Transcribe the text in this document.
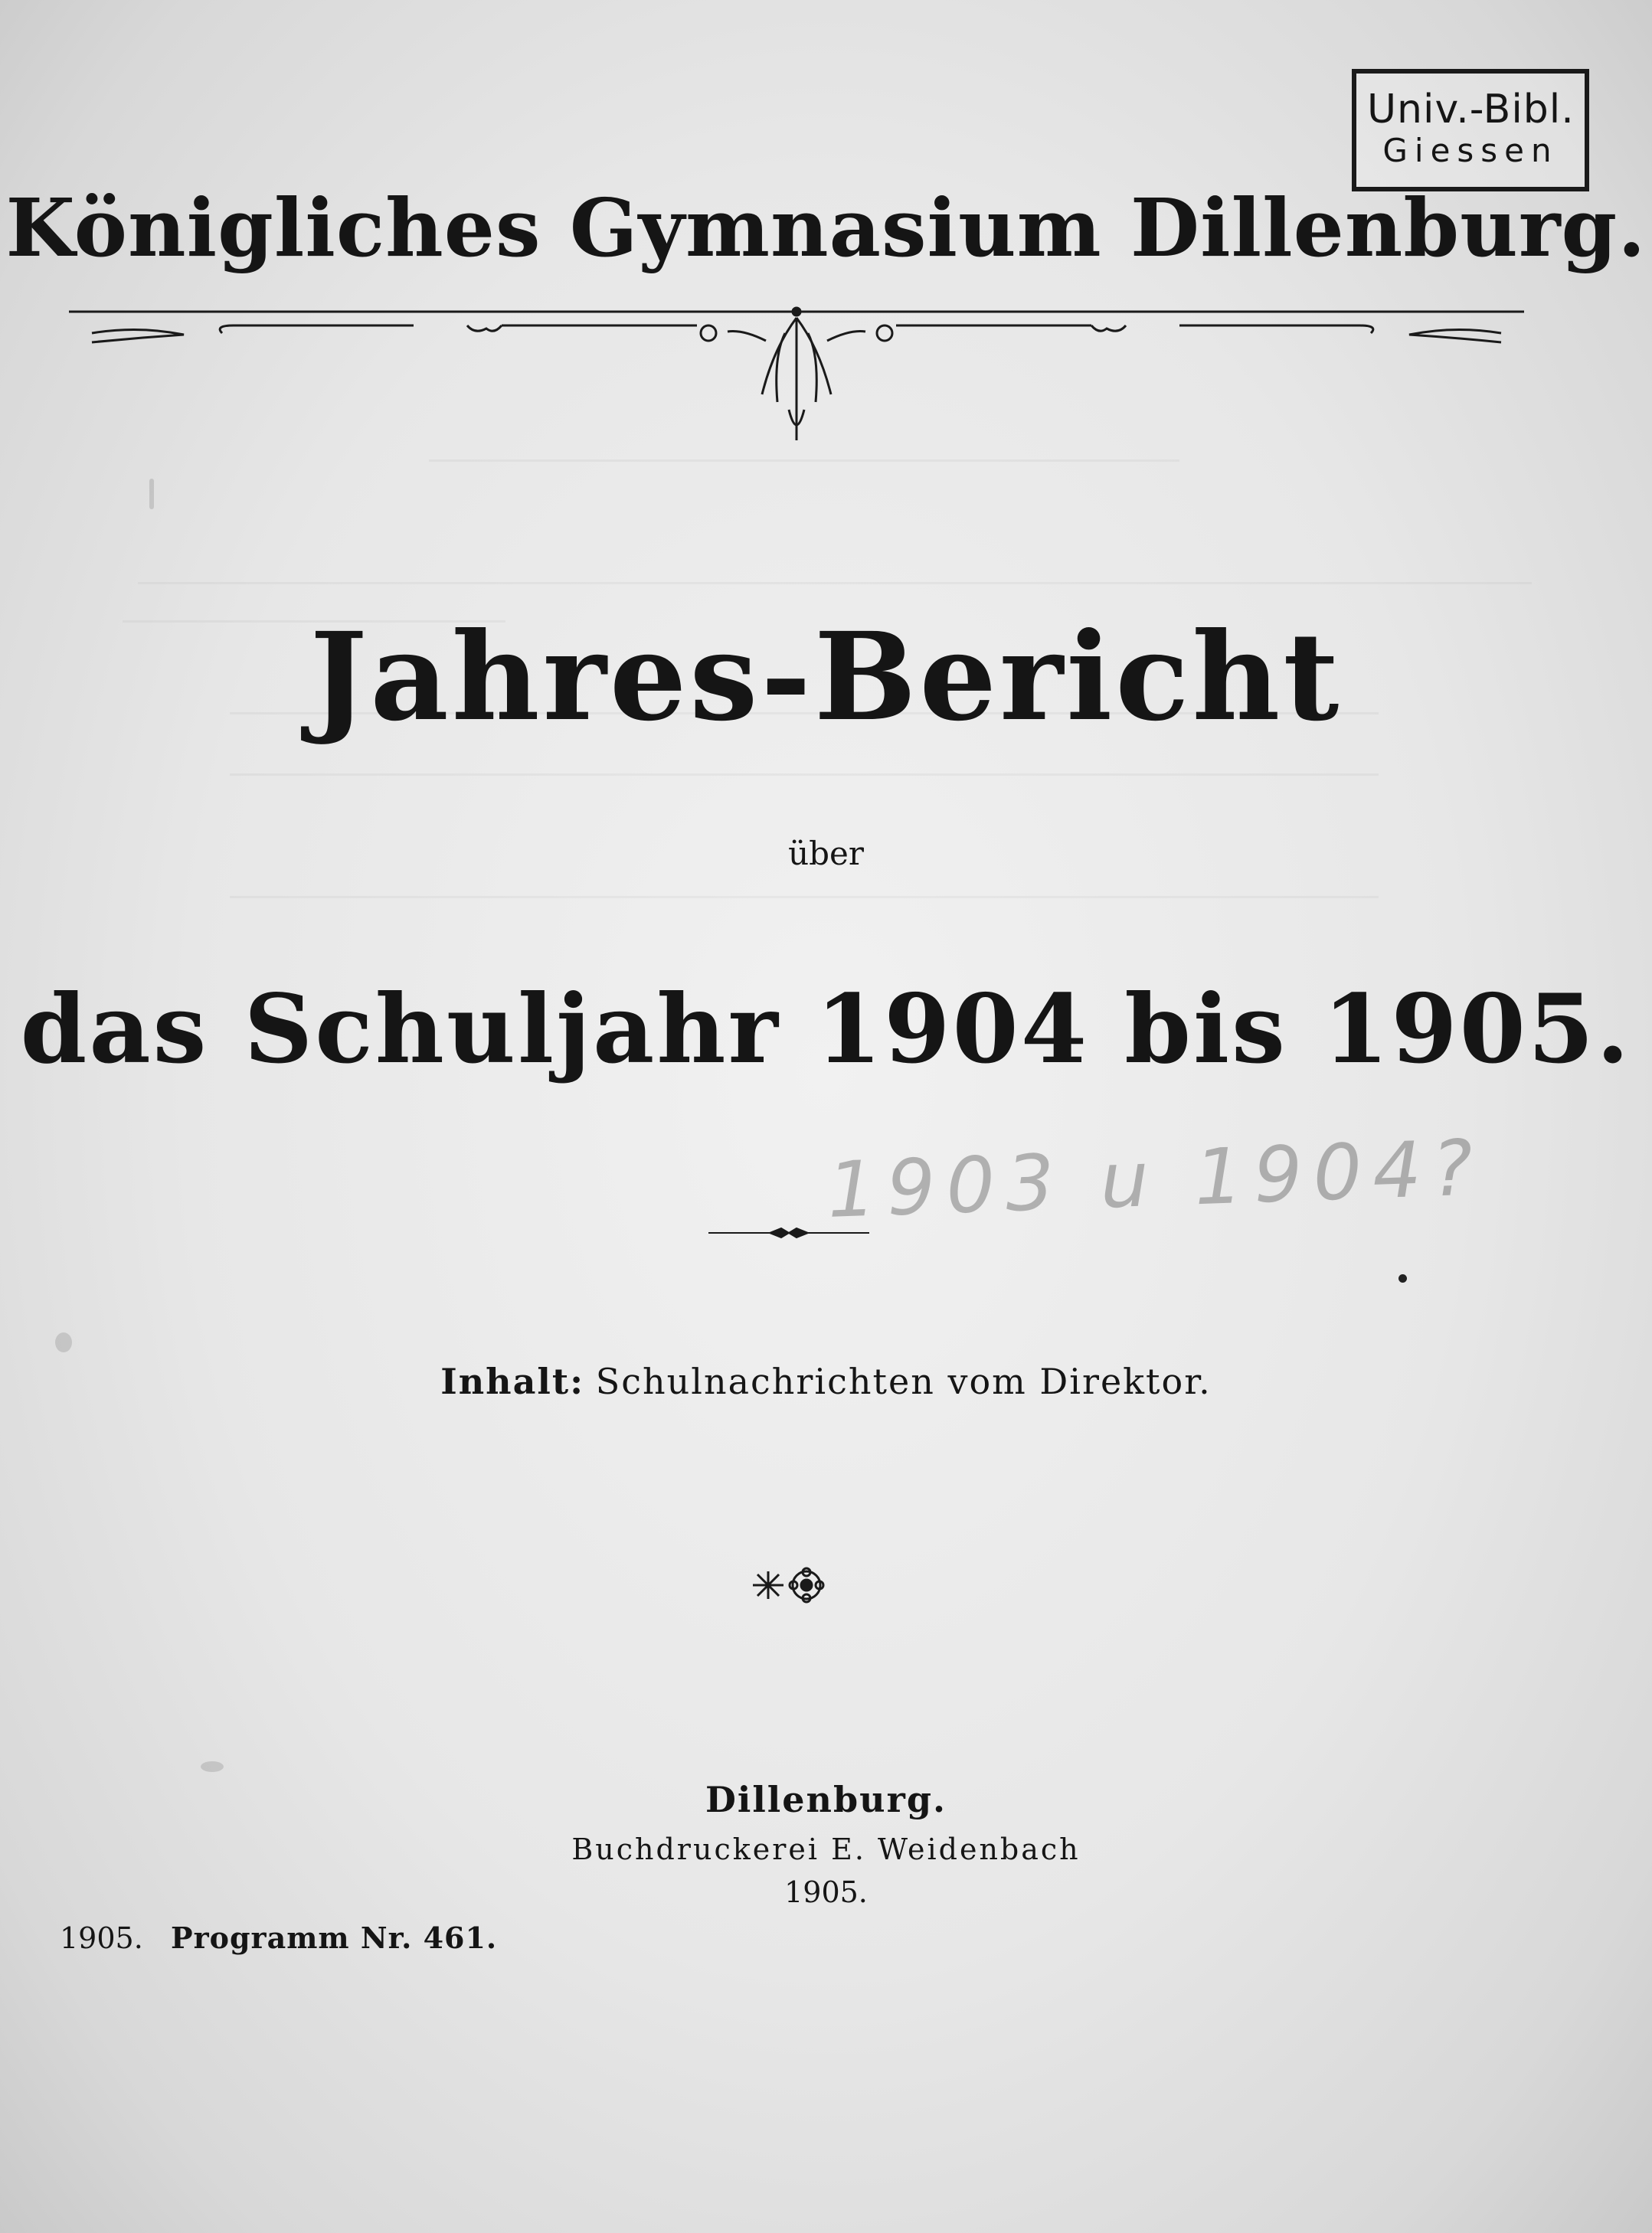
Univ.-Bibl.
Giessen
Königliches Gymnasium Dillenburg.
Jahres-Bericht
über
das Schuljahr 1904 bis 1905.
1903 u 1904?
Inhalt: Schulnachrichten vom Direktor.
Dillenburg.
Buchdruckerei E. Weidenbach
1905.
1905. Programm Nr. 461.
